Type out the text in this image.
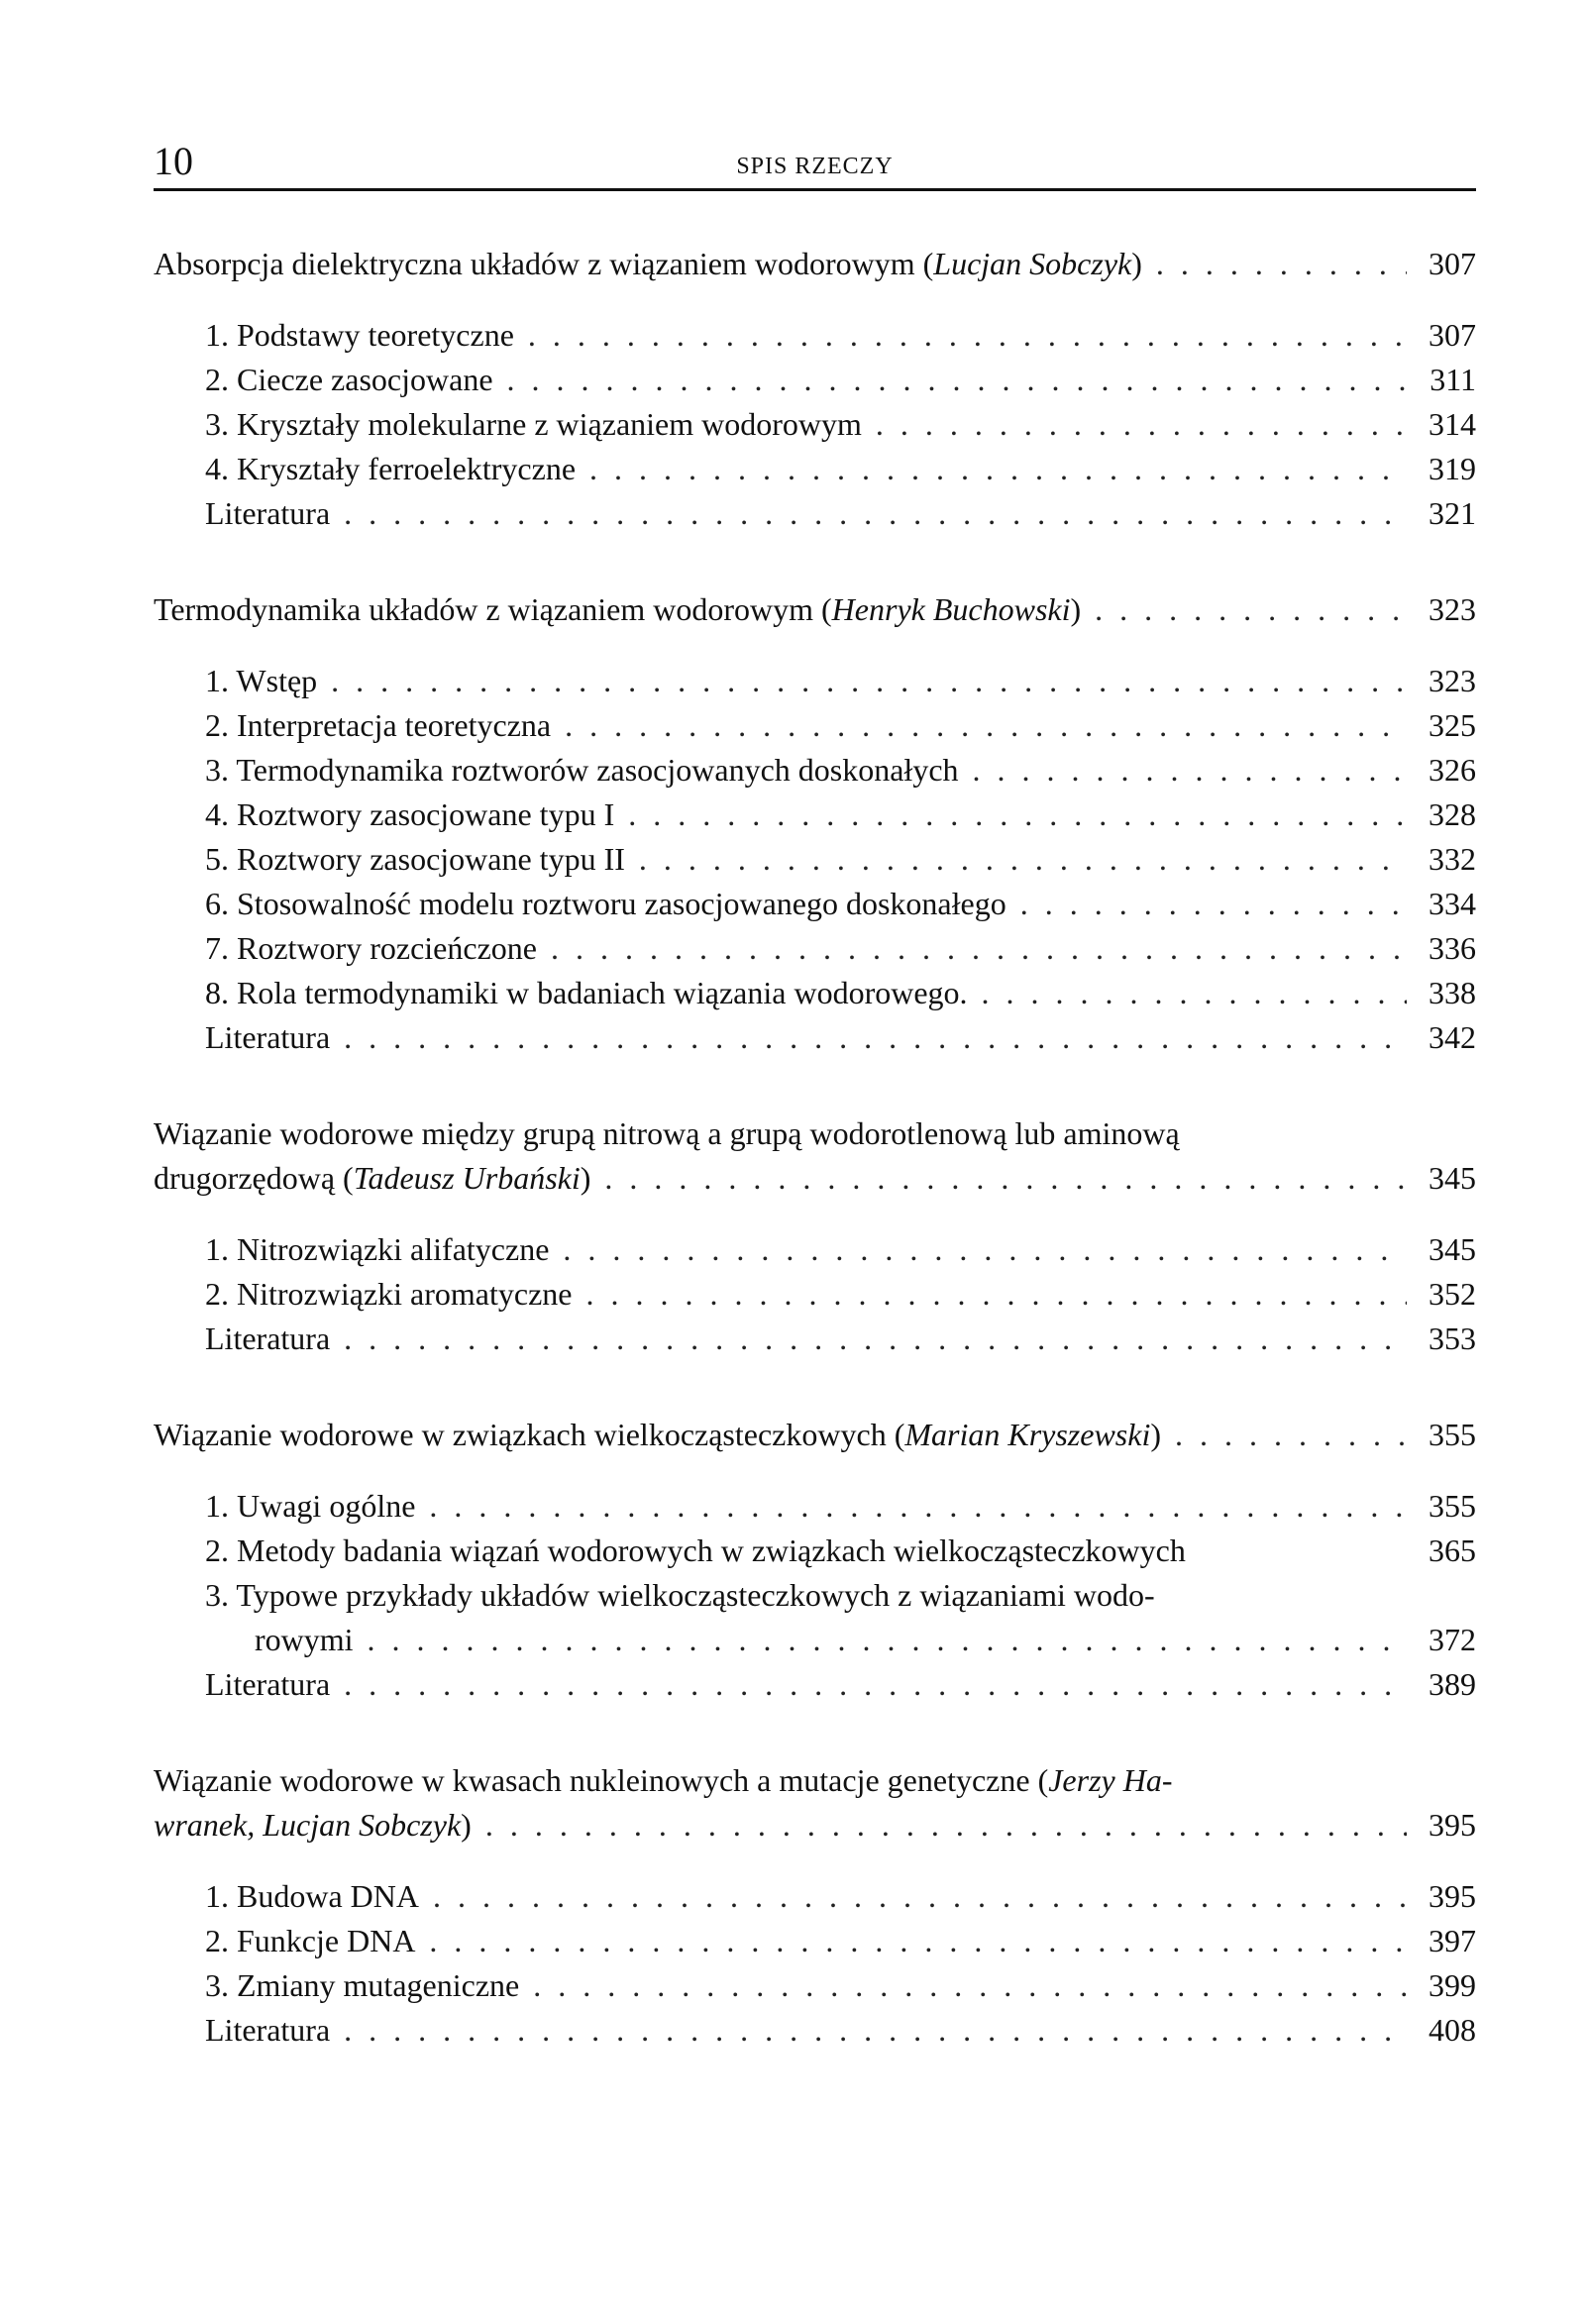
10	SPIS RZECZY
Absorpcja dielektryczna układów z wiązaniem wodorowym (Lucjan Sobczyk) . . .	307
1. Podstawy teoretyczne . . .	307
2. Ciecze zasocjowane . . .	311
3. Kryształy molekularne z wiązaniem wodorowym . . .	314
4. Kryształy ferroelektryczne . . .	319
Literatura . . .	321
Termodynamika układów z wiązaniem wodorowym (Henryk Buchowski) . . .	323
1. Wstęp . . .	323
2. Interpretacja teoretyczna . . .	325
3. Termodynamika roztworów zasocjowanych doskonałych . . .	326
4. Roztwory zasocjowane typu I . . .	328
5. Roztwory zasocjowane typu II . . .	332
6. Stosowalność modelu roztworu zasocjowanego doskonałego . . .	334
7. Roztwory rozcieńczone . . .	336
8. Rola termodynamiki w badaniach wiązania wodorowego. . . .	338
Literatura . . .	342
Wiązanie wodorowe między grupą nitrową a grupą wodorotlenową lub aminową
drugorzędową (Tadeusz Urbański) . . .	345
1. Nitrozwiązki alifatyczne . . .	345
2. Nitrozwiązki aromatyczne . . .	352
Literatura . . .	353
Wiązanie wodorowe w związkach wielkocząsteczkowych (Marian Kryszewski) . . .	355
1. Uwagi ogólne . . .	355
2. Metody badania wiązań wodorowych w związkach wielkocząsteczkowych	365
3. Typowe przykłady układów wielkocząsteczkowych z wiązaniami wodo-
rowymi . . .	372
Literatura . . .	389
Wiązanie wodorowe w kwasach nukleinowych a mutacje genetyczne (Jerzy Ha-
wranek, Lucjan Sobczyk) . . .	395
1. Budowa DNA . . .	395
2. Funkcje DNA . . .	397
3. Zmiany mutageniczne . . .	399
Literatura . . .	408
